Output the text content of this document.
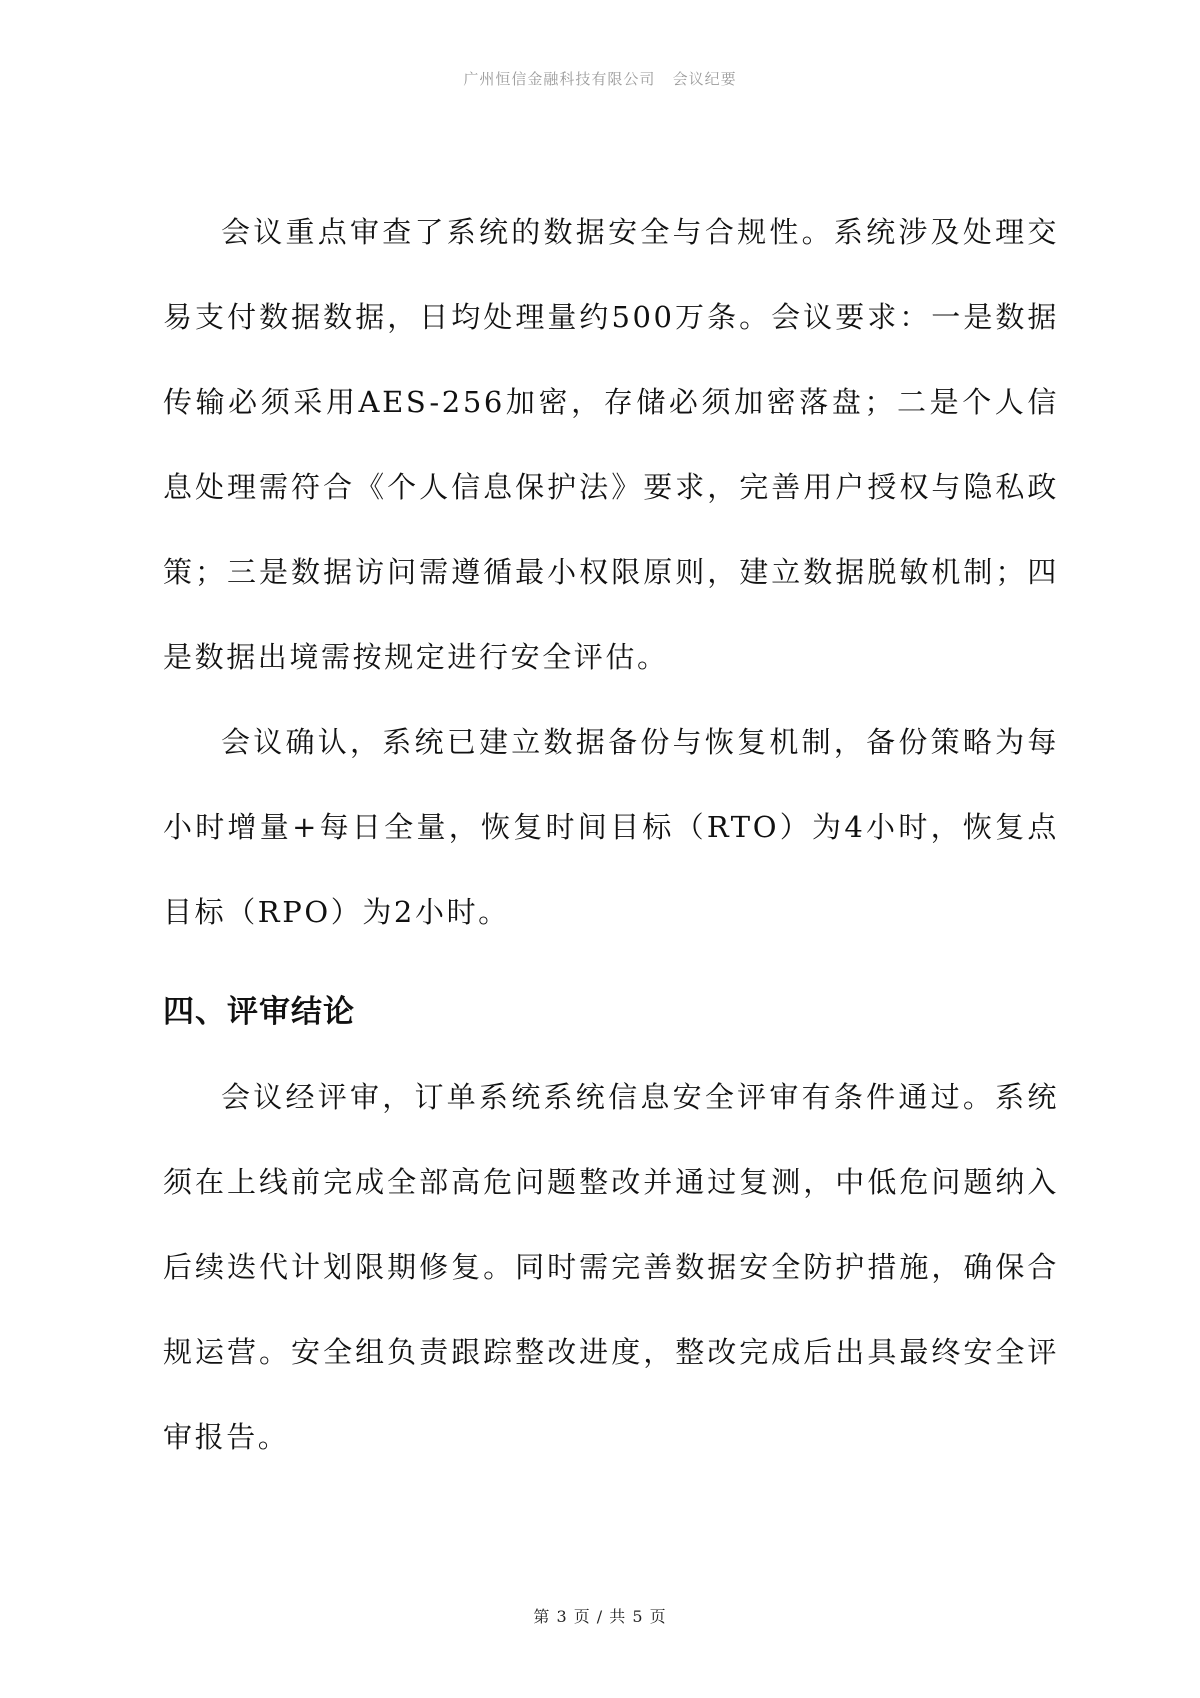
广州恒信金融科技有限公司 会议纪要

会议重点审查了系统的数据安全与合规性。系统涉及处理交易支付数据数据，日均处理量约500万条。会议要求：一是数据传输必须采用AES-256加密，存储必须加密落盘；二是个人信息处理需符合《个人信息保护法》要求，完善用户授权与隐私政策；三是数据访问需遵循最小权限原则，建立数据脱敏机制；四是数据出境需按规定进行安全评估。

会议确认，系统已建立数据备份与恢复机制，备份策略为每小时增量+每日全量，恢复时间目标（RTO）为4小时，恢复点目标（RPO）为2小时。

四、评审结论

会议经评审，订单系统系统信息安全评审有条件通过。系统须在上线前完成全部高危问题整改并通过复测，中低危问题纳入后续迭代计划限期修复。同时需完善数据安全防护措施，确保合规运营。安全组负责跟踪整改进度，整改完成后出具最终安全评审报告。

第 3 页 / 共 5 页
